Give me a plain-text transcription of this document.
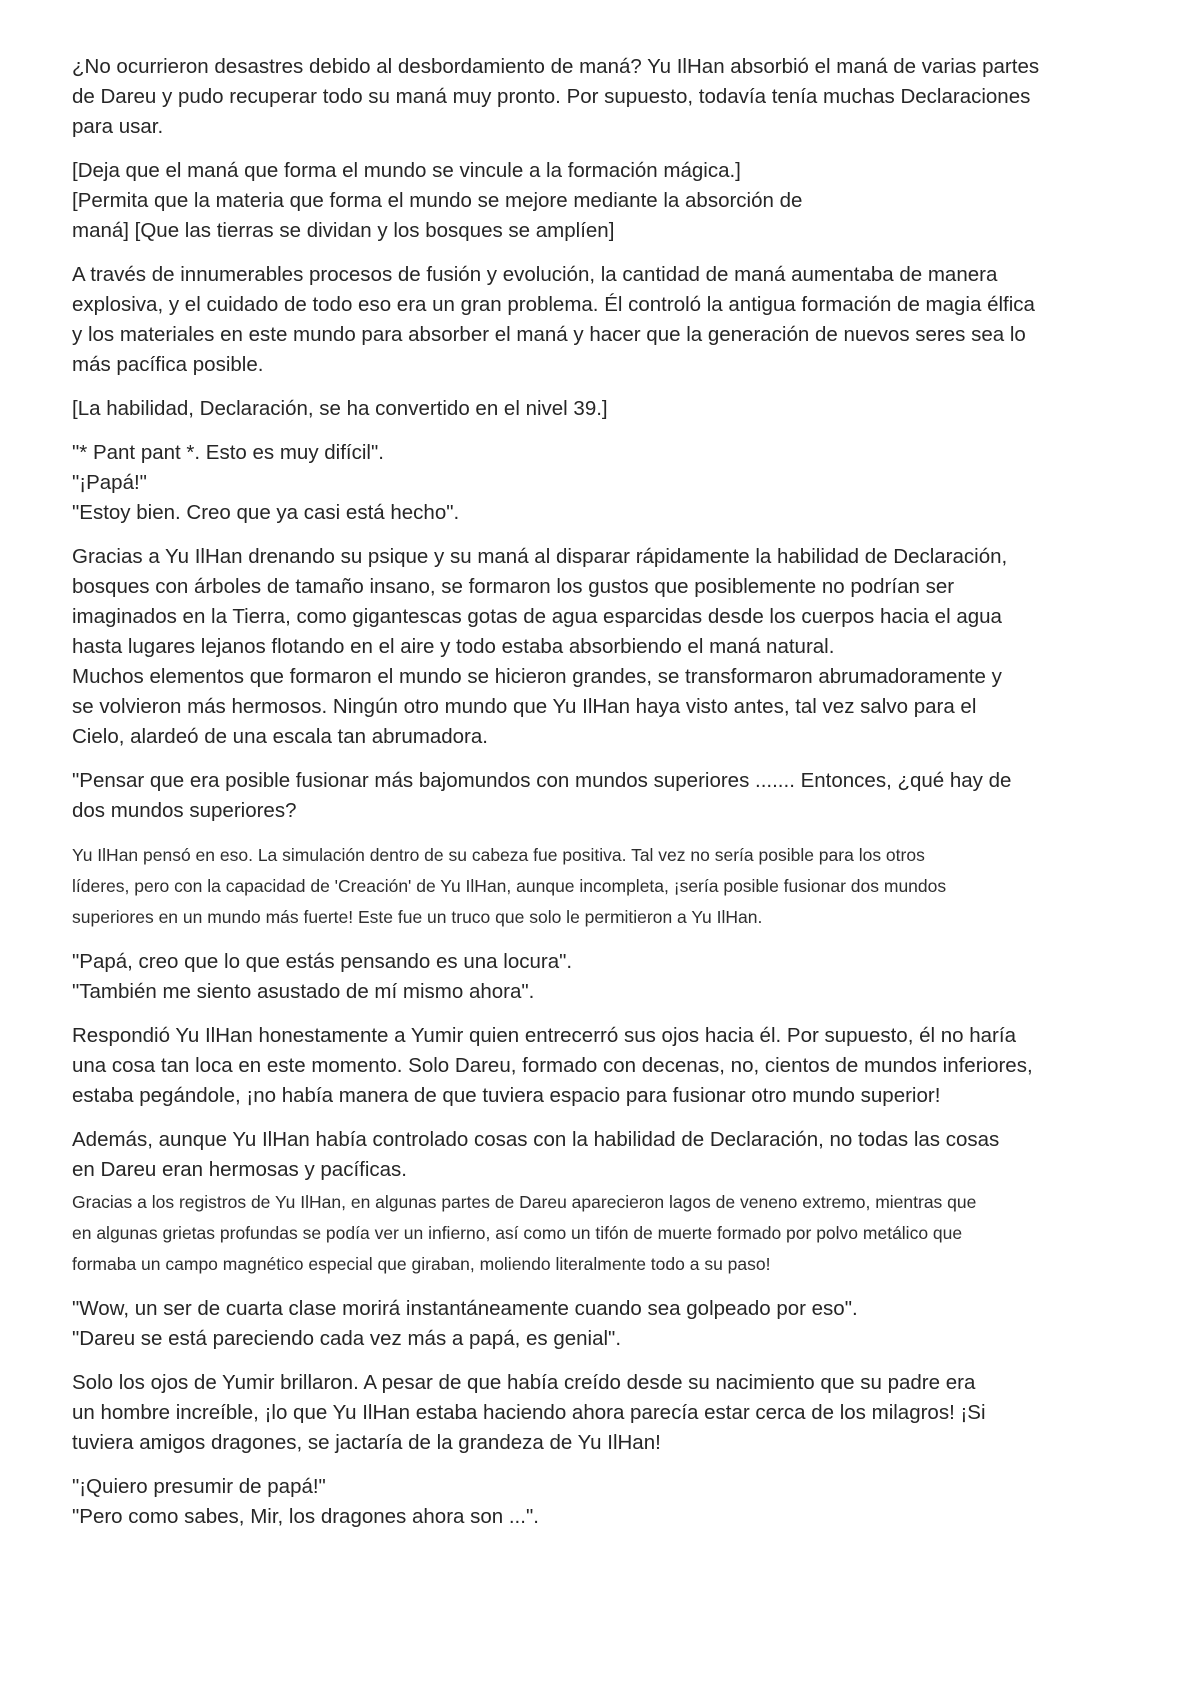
¿No ocurrieron desastres debido al desbordamiento de maná? Yu IlHan absorbió el maná de varias partes
de Dareu y pudo recuperar todo su maná muy pronto. Por supuesto, todavía tenía muchas Declaraciones
para usar.
[Deja que el maná que forma el mundo se vincule a la formación mágica.]
[Permita que la materia que forma el mundo se mejore mediante la absorción de
maná] [Que las tierras se dividan y los bosques se amplíen]
A través de innumerables procesos de fusión y evolución, la cantidad de maná aumentaba de manera
explosiva, y el cuidado de todo eso era un gran problema. Él controló la antigua formación de magia élfica
y los materiales en este mundo para absorber el maná y hacer que la generación de nuevos seres sea lo
más pacífica posible.
[La habilidad, Declaración, se ha convertido en el nivel 39.]
"* Pant pant *. Esto es muy difícil".
"¡Papá!"
"Estoy bien. Creo que ya casi está hecho".
Gracias a Yu IlHan drenando su psique y su maná al disparar rápidamente la habilidad de Declaración,
bosques con árboles de tamaño insano, se formaron los gustos que posiblemente no podrían ser
imaginados en la Tierra, como gigantescas gotas de agua esparcidas desde los cuerpos hacia el agua
hasta lugares lejanos flotando en el aire y todo estaba absorbiendo el maná natural.
Muchos elementos que formaron el mundo se hicieron grandes, se transformaron abrumadoramente y
se volvieron más hermosos. Ningún otro mundo que Yu IlHan haya visto antes, tal vez salvo para el
Cielo, alardeó de una escala tan abrumadora.
"Pensar que era posible fusionar más bajomundos con mundos superiores ....... Entonces, ¿qué hay de
dos mundos superiores?
Yu IlHan pensó en eso. La simulación dentro de su cabeza fue positiva. Tal vez no sería posible para los otros
líderes, pero con la capacidad de 'Creación' de Yu IlHan, aunque incompleta, ¡sería posible fusionar dos mundos
superiores en un mundo más fuerte! Este fue un truco que solo le permitieron a Yu IlHan.
"Papá, creo que lo que estás pensando es una locura".
"También me siento asustado de mí mismo ahora".
Respondió Yu IlHan honestamente a Yumir quien entrecerró sus ojos hacia él. Por supuesto, él no haría
una cosa tan loca en este momento. Solo Dareu, formado con decenas, no, cientos de mundos inferiores,
estaba pegándole, ¡no había manera de que tuviera espacio para fusionar otro mundo superior!
Además, aunque Yu IlHan había controlado cosas con la habilidad de Declaración, no todas las cosas
en Dareu eran hermosas y pacíficas.
Gracias a los registros de Yu IlHan, en algunas partes de Dareu aparecieron lagos de veneno extremo, mientras que
en algunas grietas profundas se podía ver un infierno, así como un tifón de muerte formado por polvo metálico que
formaba un campo magnético especial que giraban, moliendo literalmente todo a su paso!
"Wow, un ser de cuarta clase morirá instantáneamente cuando sea golpeado por eso".
"Dareu se está pareciendo cada vez más a papá, es genial".
Solo los ojos de Yumir brillaron. A pesar de que había creído desde su nacimiento que su padre era
un hombre increíble, ¡lo que Yu IlHan estaba haciendo ahora parecía estar cerca de los milagros! ¡Si
tuviera amigos dragones, se jactaría de la grandeza de Yu IlHan!
"¡Quiero presumir de papá!"
"Pero como sabes, Mir, los dragones ahora son ...".
